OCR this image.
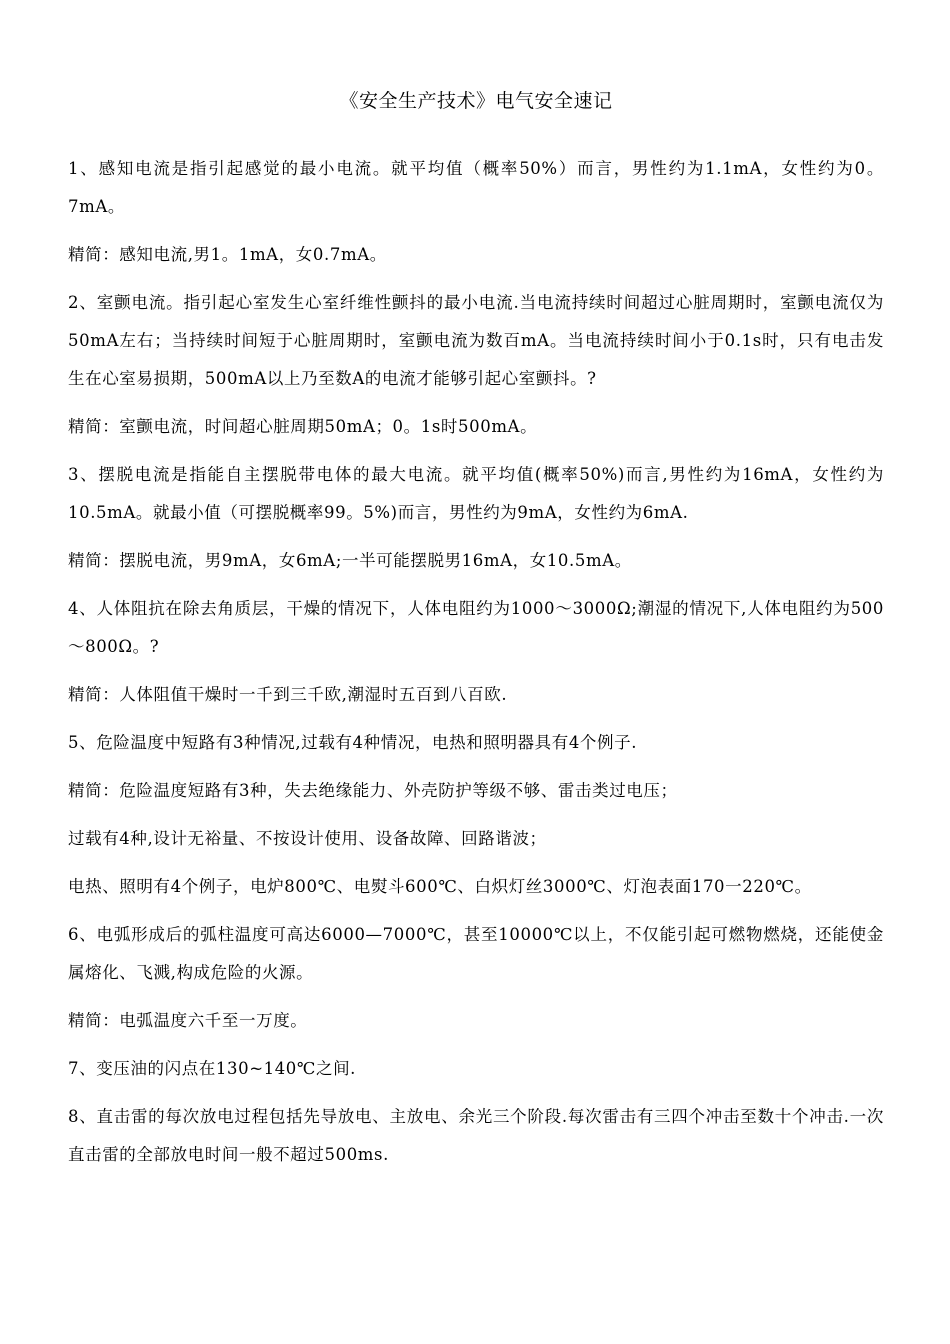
《安全生产技术》电气安全速记

1、感知电流是指引起感觉的最小电流。就平均值（概率50%）而言，男性约为1.1mA，女性约为0。7mA。

精简：感知电流,男1。1mA，女0.7mA。

2、室颤电流。指引起心室发生心室纤维性颤抖的最小电流.当电流持续时间超过心脏周期时，室颤电流仅为50mA左右；当持续时间短于心脏周期时，室颤电流为数百mA。当电流持续时间小于0.1s时，只有电击发生在心室易损期，500mA以上乃至数A的电流才能够引起心室颤抖。?

精简：室颤电流，时间超心脏周期50mA；0。1s时500mA。

3、摆脱电流是指能自主摆脱带电体的最大电流。就平均值(概率50%)而言,男性约为16mA，女性约为10.5mA。就最小值（可摆脱概率99。5%)而言，男性约为9mA，女性约为6mA.

精简：摆脱电流，男9mA，女6mA;一半可能摆脱男16mA，女10.5mA。

4、人体阻抗在除去角质层，干燥的情况下，人体电阻约为1000～3000Ω;潮湿的情况下,人体电阻约为500～800Ω。?

精简：人体阻值干燥时一千到三千欧,潮湿时五百到八百欧.

5、危险温度中短路有3种情况,过载有4种情况，电热和照明器具有4个例子.

精简：危险温度短路有3种，失去绝缘能力、外壳防护等级不够、雷击类过电压；

过载有4种,设计无裕量、不按设计使用、设备故障、回路谐波；

电热、照明有4个例子，电炉800℃、电熨斗600℃、白炽灯丝3000℃、灯泡表面170一220℃。

6、电弧形成后的弧柱温度可高达6000—7000℃，甚至10000℃以上，不仅能引起可燃物燃烧，还能使金属熔化、飞溅,构成危险的火源。

精简：电弧温度六千至一万度。

7、变压油的闪点在130~140℃之间.

8、直击雷的每次放电过程包括先导放电、主放电、余光三个阶段.每次雷击有三四个冲击至数十个冲击.一次直击雷的全部放电时间一般不超过500ms.
